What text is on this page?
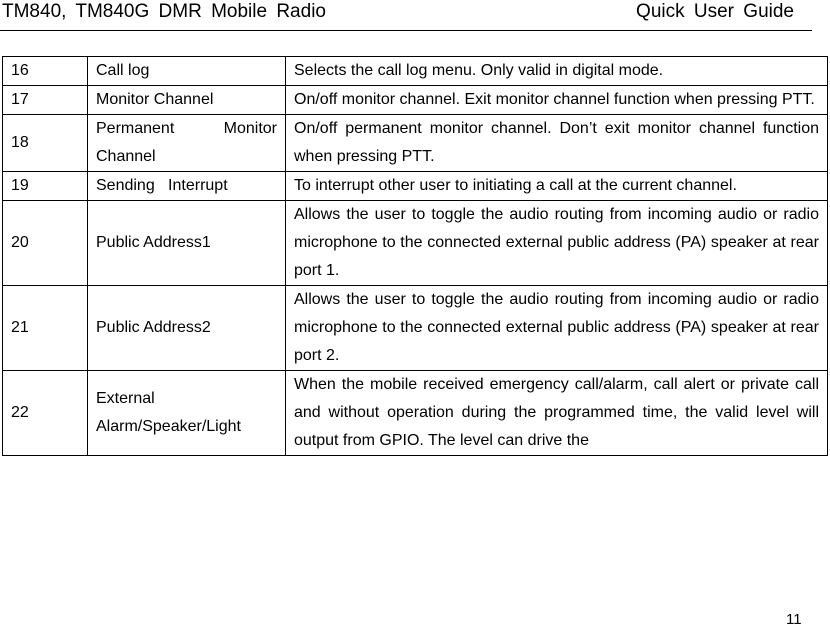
TM840, TM840G DMR Mobile Radio	Quick User Guide
16	Call log	Selects the call log menu. Only valid in digital mode.
17	Monitor Channel	On/off monitor channel. Exit monitor channel function when pressing PTT.
18	Permanent Monitor Channel	On/off permanent monitor channel. Don’t exit monitor channel function when pressing PTT.
19	Sending   Interrupt	To interrupt other user to initiating a call at the current channel.
20	Public Address1	Allows the user to toggle the audio routing from incoming audio or radio microphone to the connected external public address (PA) speaker at rear port 1.
21	Public Address2	Allows the user to toggle the audio routing from incoming audio or radio microphone to the connected external public address (PA) speaker at rear port 2.
22	External Alarm/Speaker/Light	When the mobile received emergency call/alarm, call alert or private call and without operation during the programmed time, the valid level will output from GPIO. The level can drive the
11
